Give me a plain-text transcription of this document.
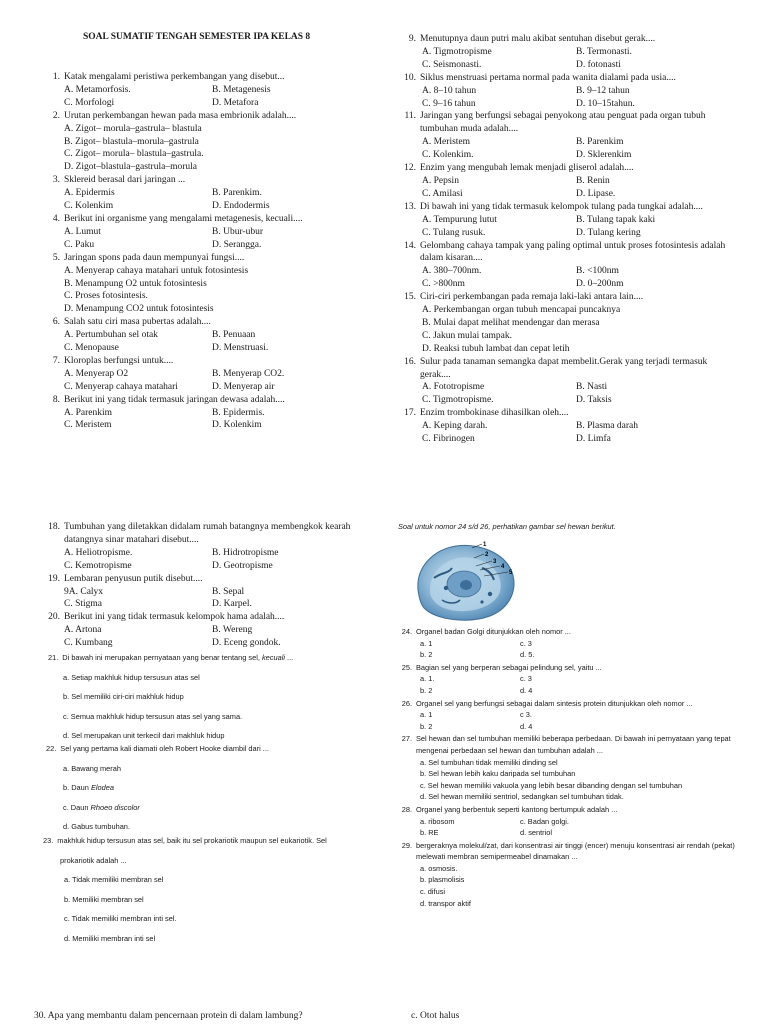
SOAL SUMATIF TENGAH SEMESTER IPA KELAS 8
1. Katak mengalami peristiwa perkembangan yang disebut...
A. Metamorfosis.	B. Metagenesis
C. Morfologi	D. Metafora
2. Urutan perkembangan hewan pada masa embrionik adalah....
A. Zigot– morula–gastrula– blastula
B. Zigot– blastula–morula–gastrula
C. Zigot– morula– blastula–gastrula.
D. Zigot–blastula–gastrula–morula
3. Sklereid berasal dari jaringan ...
A. Epidermis	B. Parenkim.
C. Kolenkim	D. Endodermis
4. Berikut ini organisme yang mengalami metagenesis, kecuali....
A. Lumut	B. Ubur-ubur
C. Paku	D. Serangga.
5. Jaringan spons pada daun mempunyai fungsi....
A. Menyerap cahaya matahari untuk fotosintesis
B. Menampung O2 untuk fotosintesis
C. Proses fotosintesis.
D. Menampung CO2 untuk fotosintesis
6. Salah satu ciri masa pubertas adalah....
A. Pertumbuhan sel otak	B. Penuaan
C. Menopause	D. Menstruasi.
7. Kloroplas berfungsi untuk....
A. Menyerap O2	B. Menyerap CO2.
C. Menyerap cahaya matahari	D. Menyerap air
8. Berikut ini yang tidak termasuk jaringan dewasa adalah....
A. Parenkim	B. Epidermis.
C. Meristem	D. Kolenkim
9. Menutupnya daun putri malu akibat sentuhan disebut gerak....
A. Tigmotropisme	B. Termonasti.
C. Seismonasti.	D. fotonasti
10. Siklus menstruasi pertama normal pada wanita dialami pada usia....
A. 8–10 tahun	B. 9–12 tahun
C. 9–16 tahun	D. 10–15tahun.
11. Jaringan yang berfungsi sebagai penyokong atau penguat pada organ tubuh tumbuhan muda adalah....
A. Meristem	B. Parenkim
C. Kolenkim.	D. Sklerenkim
12. Enzim yang mengubah lemak menjadi gliserol adalah....
A. Pepsin	B. Renin
C. Amilasi	D. Lipase.
13. Di bawah ini yang tidak termasuk kelompok tulang pada tungkai adalah....
A. Tempurung lutut	B. Tulang tapak kaki
C. Tulang rusuk.	D. Tulang kering
14. Gelombang cahaya tampak yang paling optimal untuk proses fotosintesis adalah dalam kisaran....
A. 380–700nm.	B. <100nm
C. >800nm	D. 0–200nm
15. Ciri-ciri perkembangan pada remaja laki-laki antara lain....
A. Perkembangan organ tubuh mencapai puncaknya
B. Mulai dapat melihat mendengar dan merasa
C. Jakun mulai tampak.
D. Reaksi tubuh lambat dan cepat letih
16. Sulur pada tanaman semangka dapat membelit.Gerak yang terjadi termasuk gerak....
A. Fototropisme	B. Nasti
C. Tigmotropisme.	D. Taksis
17. Enzim trombokinase dihasilkan oleh....
A. Keping darah.	B. Plasma darah
C. Fibrinogen	D. Limfa
18. Tumbuhan yang diletakkan didalam rumah batangnya membengkok kearah datangnya sinar matahari disebut....
A. Heliotropisme.	B. Hidrotropisme
C. Kemotropisme	D. Geotropisme
19. Lembaran penyusun putik disebut....
9A. Calyx	B. Sepal
C. Stigma	D. Karpel.
20. Berikut ini yang tidak termasuk kelompok hama adalah....
A. Artona	B. Wereng
C. Kumbang	D. Eceng gondok.
21. Di bawah ini merupakan pernyataan yang benar tentang sel, kecuali ...
a. Setiap makhluk hidup tersusun atas sel
b. Sel memiliki ciri-ciri makhluk hidup
c. Semua makhluk hidup tersusun atas sel yang sama.
d. Sel merupakan unit terkecil dari makhluk hidup
22. Sel yang pertama kali diamati oleh Robert Hooke diambil dari ...
a. Bawang merah
b. Daun Elodea
c. Daun Rhoeo discolor
d. Gabus tumbuhan.
23. makhluk hidup tersusun atas sel, baik itu sel prokariotik maupun sel eukariotik. Sel
prokariotik adalah ...
a. Tidak memiliki membran sel
b. Memiliki membran sel
c. Tidak memiliki membran inti sel.
d. Memiliki membran inti sel
Soal untuk nomor 24 s/d 26, perhatikan gambar sel hewan berikut.
1
2
3
4
5
24. Organel badan Golgi ditunjukkan oleh nomor ...
a. 1	c. 3
b. 2	d. 5.
25. Bagian sel yang berperan sebagai pelindung sel, yaitu ...
a. 1.	c. 3
b. 2	d. 4
26. Organel sel yang berfungsi sebagai dalam sintesis protein ditunjukkan oleh nomor ...
a. 1	c 3.
b. 2	d. 4
27. Sel hewan dan sel tumbuhan memiliki beberapa perbedaan. Di bawah ini pernyataan yang tepat mengenai perbedaan sel hewan dan tumbuhan adalah ...
a. Sel tumbuhan tidak memiliki dinding sel
b. Sel hewan lebih kaku daripada sel tumbuhan
c. Sel hewan memiliki vakuola yang lebih besar dibanding dengan sel tumbuhan
d. Sel hewan memiliki sentriol, sedangkan sel tumbuhan tidak.
28. Organel yang berbentuk seperti kantong bertumpuk adalah ...
a. ribosom	c. Badan golgi.
b. RE	d. sentriol
29. bergeraknya molekul/zat, dari konsentrasi air tinggi (encer) menuju konsentrasi air rendah (pekat) melewati membran semipermeabel dinamakan ...
a. osmosis.
b. plasmolisis
c. difusi
d. transpor aktif
30. Apa yang membantu dalam pencernaan protein di dalam lambung?	c. Otot halus
